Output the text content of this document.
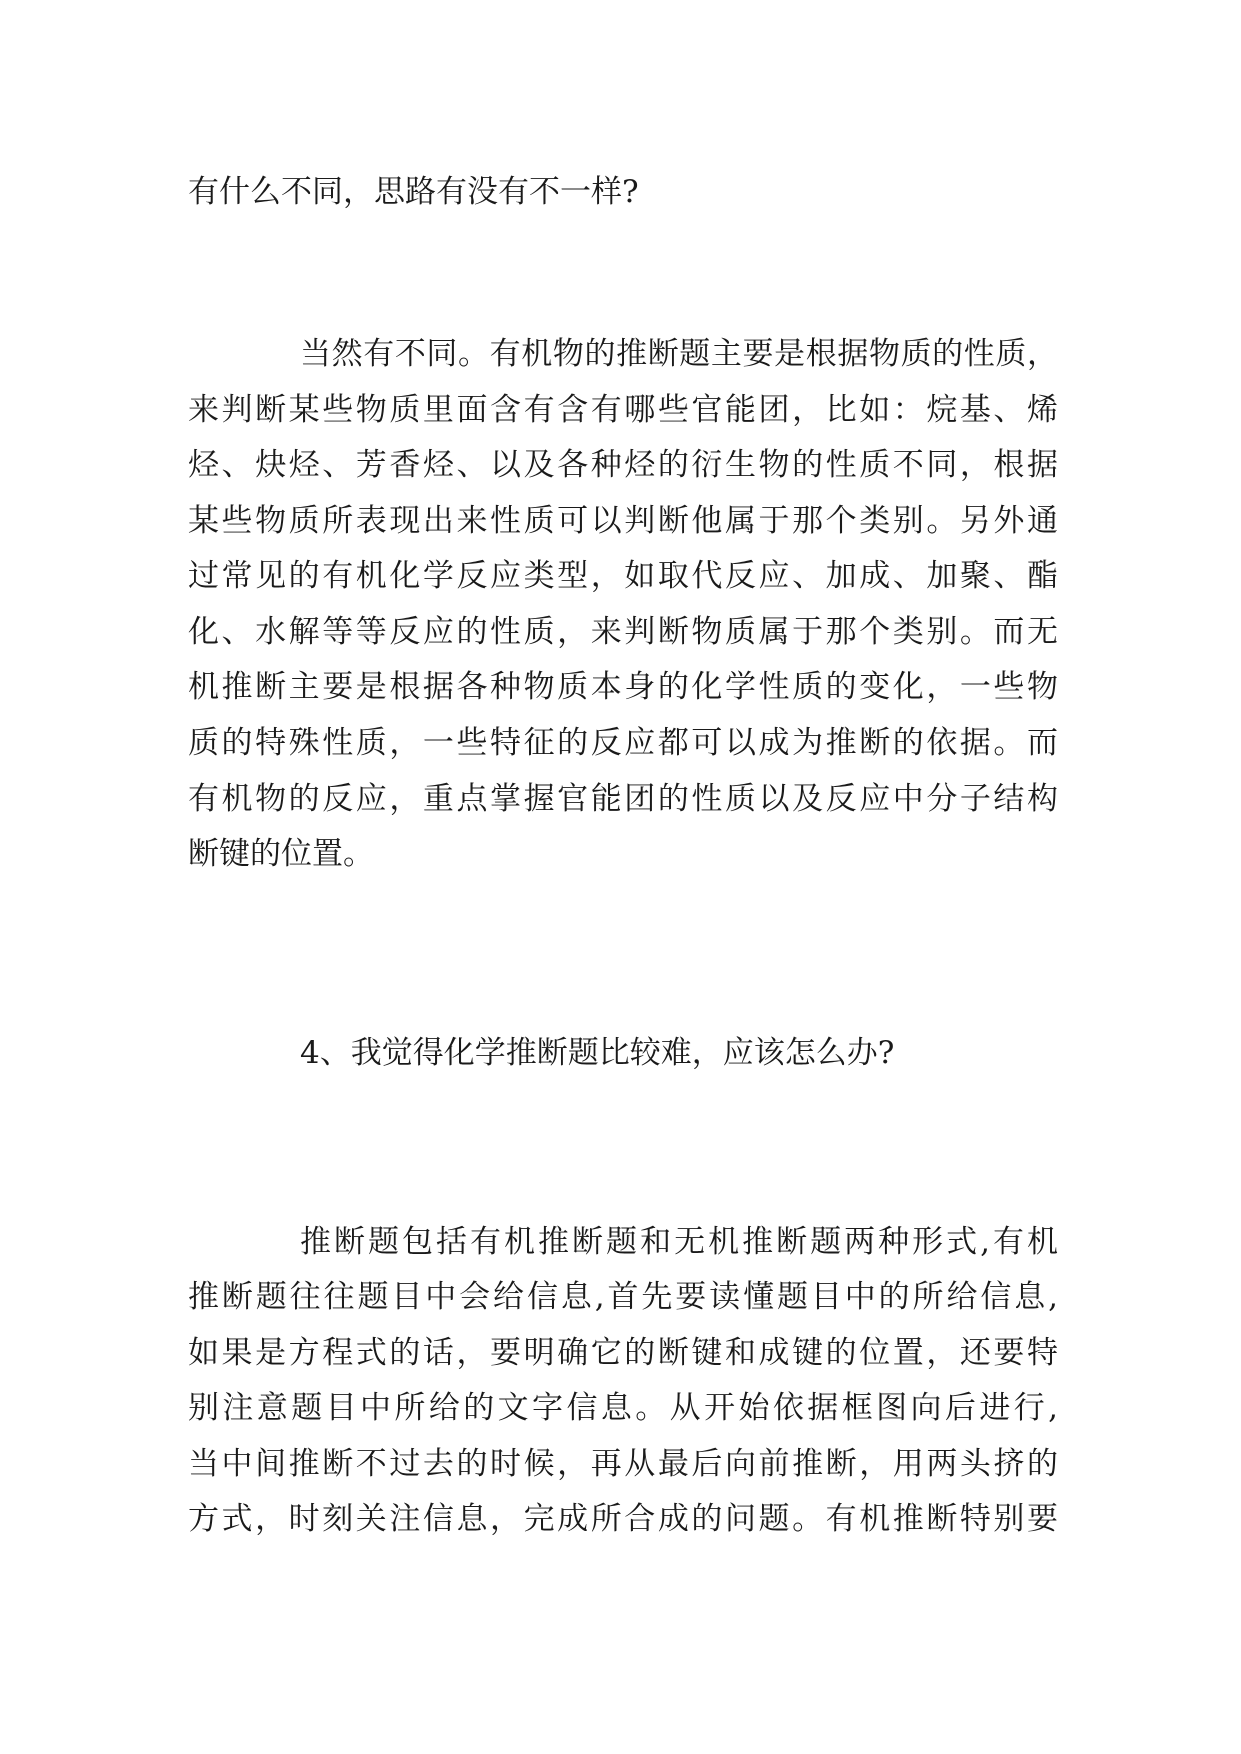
有什么不同，思路有没有不一样?
当然有不同。有机物的推断题主要是根据物质的性质，
来判断某些物质里面含有含有哪些官能团，比如：烷基、烯
烃、炔烃、芳香烃、以及各种烃的衍生物的性质不同，根据
某些物质所表现出来性质可以判断他属于那个类别。另外通
过常见的有机化学反应类型，如取代反应、加成、加聚、酯
化、水解等等反应的性质，来判断物质属于那个类别。而无
机推断主要是根据各种物质本身的化学性质的变化，一些物
质的特殊性质，一些特征的反应都可以成为推断的依据。而
有机物的反应，重点掌握官能团的性质以及反应中分子结构
断键的位置。
4、我觉得化学推断题比较难，应该怎么办?
推断题包括有机推断题和无机推断题两种形式,有机
推断题往往题目中会给信息,首先要读懂题目中的所给信息,
如果是方程式的话，要明确它的断键和成键的位置，还要特
别注意题目中所给的文字信息。从开始依据框图向后进行,
当中间推断不过去的时候，再从最后向前推断，用两头挤的
方式，时刻关注信息，完成所合成的问题。有机推断特别要
